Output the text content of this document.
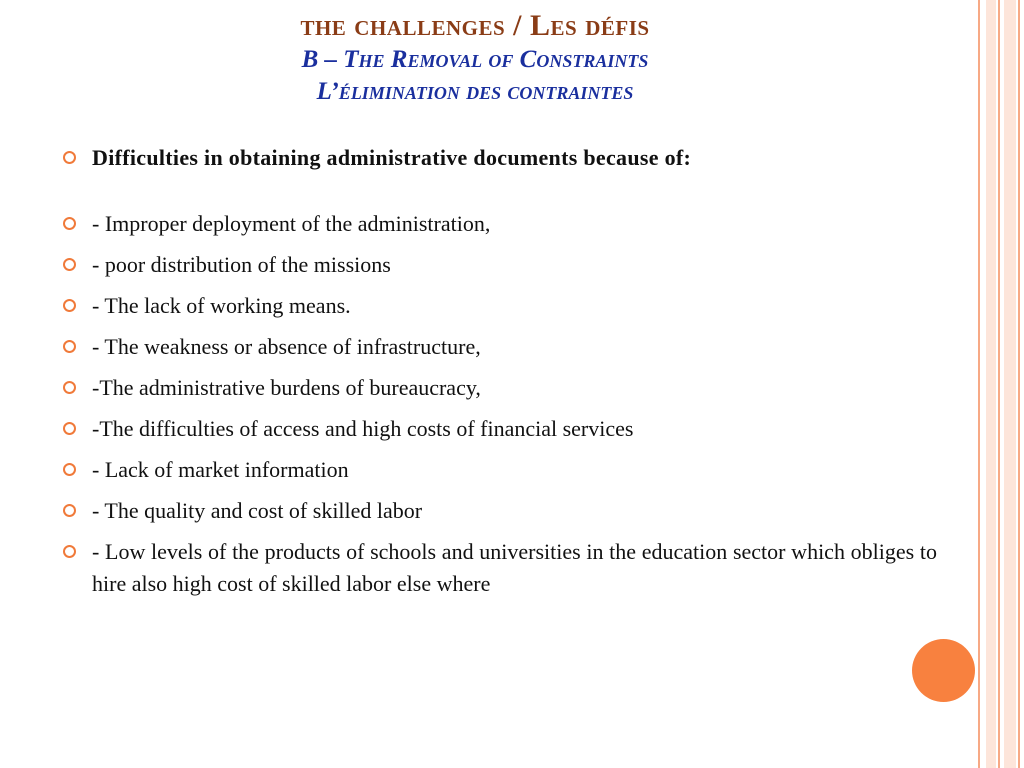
the challenges / Les défis
B – The Removal of Constraints
L’élimination des contraintes
Difficulties in obtaining administrative documents because of:
- Improper deployment of the administration,
- poor distribution of the missions
- The lack of working means.
- The weakness or absence of infrastructure,
-The administrative burdens of bureaucracy,
-The difficulties of access and high costs of financial services
- Lack of market information
- The quality and cost of skilled labor
- Low levels of the products of schools and universities in the education sector which obliges to hire also high cost of skilled labor else where
